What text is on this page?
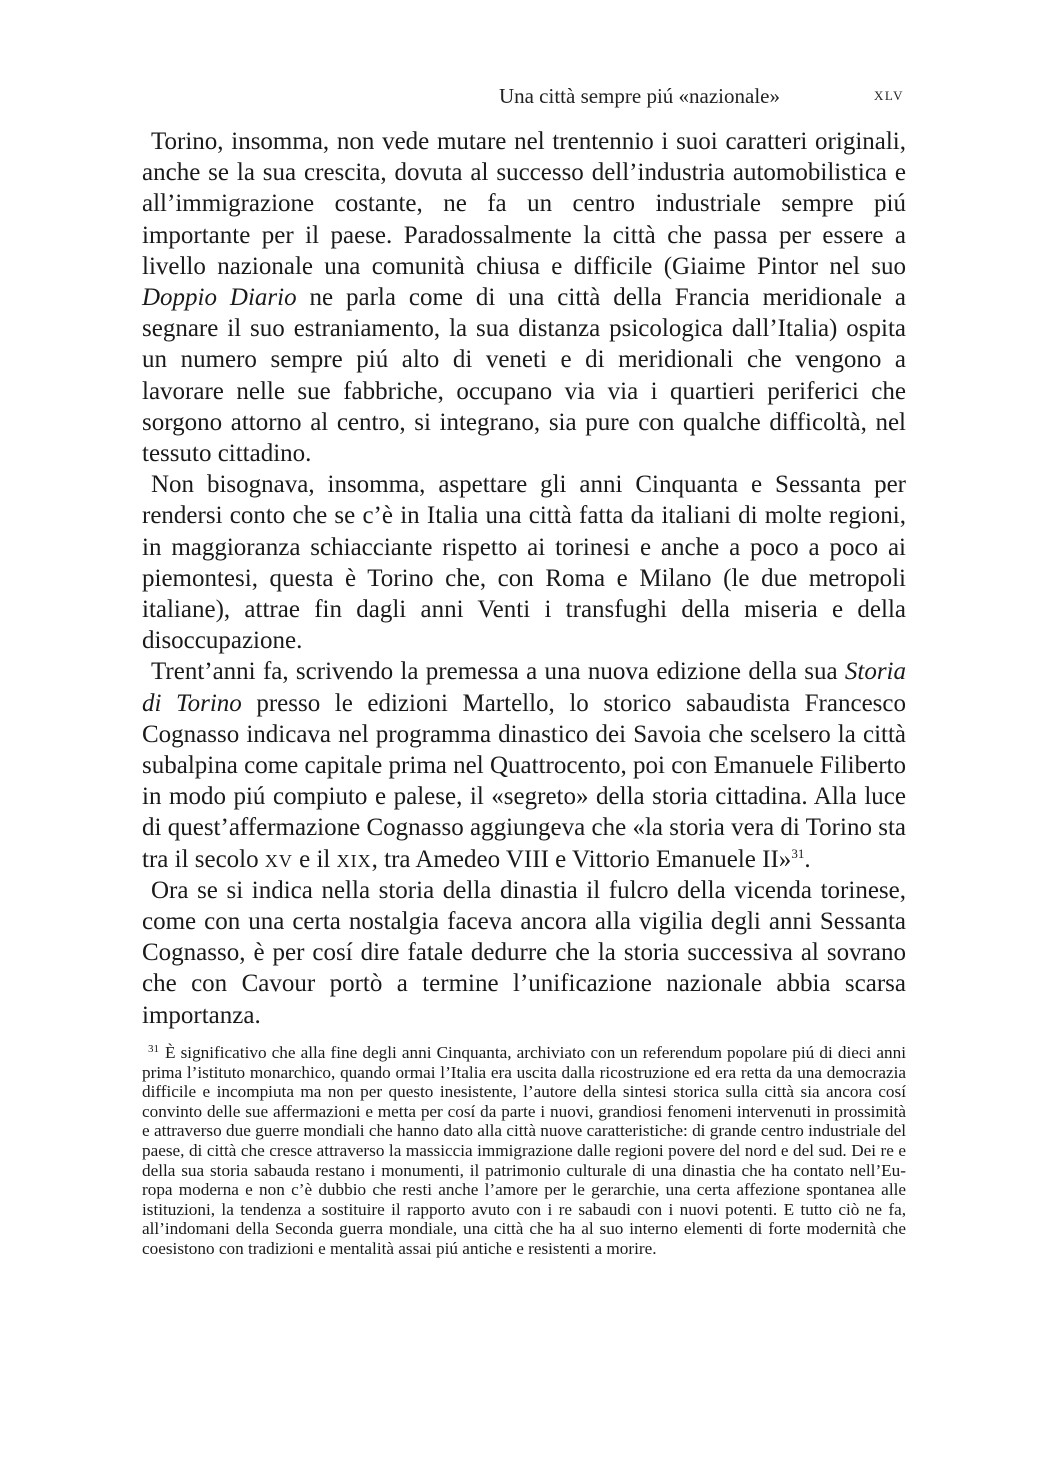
Una città sempre piú «nazionale»	xlv

Torino, insomma, non vede mutare nel trentennio i suoi caratteri originali, anche se la sua crescita, dovuta al successo dell’industria automobilistica e all’immigrazione costante, ne fa un centro industriale sempre piú importante per il paese. Paradossalmente la città che passa per essere a livello nazionale una comunità chiusa e difficile (Giaime Pintor nel suo Doppio Diario ne parla come di una città della Francia meridionale a segnare il suo estraniamento, la sua distanza psicologica dall’Italia) ospita un numero sempre piú alto di veneti e di meridionali che vengono a lavorare nelle sue fabbriche, occupano via via i quartieri periferici che sorgono attorno al centro, si integrano, sia pure con qualche difficoltà, nel tessuto cittadino.

Non bisognava, insomma, aspettare gli anni Cinquanta e Sessanta per rendersi conto che se c’è in Italia una città fatta da italiani di molte regioni, in maggioranza schiacciante rispetto ai torinesi e anche a poco a poco ai piemontesi, questa è Torino che, con Roma e Milano (le due metropoli italiane), attrae fin dagli anni Venti i transfughi della miseria e della disoccupazione.

Trent’anni fa, scrivendo la premessa a una nuova edizione della sua Storia di Torino presso le edizioni Martello, lo storico sabaudista Francesco Cognasso indicava nel programma dinastico dei Savoia che scelsero la città subalpina come capitale prima nel Quattrocento, poi con Emanuele Filiberto in modo piú compiuto e palese, il «segreto» della storia cittadina. Alla luce di quest’affermazione Cognasso aggiungeva che «la storia vera di Torino sta tra il secolo xv e il xix, tra Amedeo VIII e Vittorio Emanuele II»$^{31}$.

Ora se si indica nella storia della dinastia il fulcro della vicenda torinese, come con una certa nostalgia faceva ancora alla vigilia degli anni Sessanta Cognasso, è per cosí dire fatale dedurre che la storia successiva al sovrano che con Cavour portò a termine l’unificazione nazionale abbia scarsa importanza.

$^{31}$ È significativo che alla fine degli anni Cinquanta, archiviato con un referendum popolare piú di dieci anni prima l’istituto monarchico, quando ormai l’Italia era uscita dalla ricostruzione ed era retta da una democrazia difficile e incompiuta ma non per questo inesistente, l’autore della sintesi storica sulla città sia ancora cosí convinto delle sue affermazioni e metta per cosí da parte i nuovi, grandiosi fenomeni intervenuti in prossimità e attraverso due guerre mondiali che hanno dato alla città nuove caratteristiche: di grande centro industriale del paese, di città che cresce attraverso la massiccia immigrazione dalle regioni povere del nord e del sud. Dei re e della sua storia sabauda restano i monumenti, il patrimonio culturale di una dinastia che ha contato nell’Europa moderna e non c’è dubbio che resti anche l’amore per le gerarchie, una certa affezione spontanea alle istituzioni, la tendenza a sostituire il rapporto avuto con i re sabaudi con i nuovi potenti. E tutto ciò ne fa, all’indomani della Seconda guerra mondiale, una città che ha al suo interno elementi di forte modernità che coesistono con tradizioni e mentalità assai piú antiche e resistenti a morire.
